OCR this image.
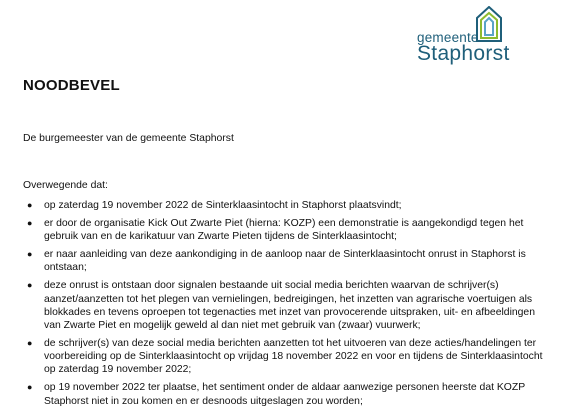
gemeente
Staphorst
NOODBEVEL
De burgemeester van de gemeente Staphorst
Overwegende dat:
● op zaterdag 19 november 2022 de Sinterklaasintocht in Staphorst plaatsvindt;
● er door de organisatie Kick Out Zwarte Piet (hierna: KOZP) een demonstratie is aangekondigd tegen het gebruik van en de karikatuur van Zwarte Pieten tijdens de Sinterklaasintocht;
● er naar aanleiding van deze aankondiging in de aanloop naar de Sinterklaasintocht onrust in Staphorst is ontstaan;
● deze onrust is ontstaan door signalen bestaande uit social media berichten waarvan de schrijver(s) aanzet/aanzetten tot het plegen van vernielingen, bedreigingen, het inzetten van agrarische voertuigen als blokkades en tevens oproepen tot tegenacties met inzet van provocerende uitspraken, uit- en afbeeldingen van Zwarte Piet en mogelijk geweld al dan niet met gebruik van (zwaar) vuurwerk;
● de schrijver(s) van deze social media berichten aanzetten tot het uitvoeren van deze acties/handelingen ter voorbereiding op de Sinterklaasintocht op vrijdag 18 november 2022 en voor en tijdens de Sinterklaasintocht op zaterdag 19 november 2022;
● op 19 november 2022 ter plaatse, het sentiment onder de aldaar aanwezige personen heerste dat KOZP Staphorst niet in zou komen en er desnoods uitgeslagen zou worden;
